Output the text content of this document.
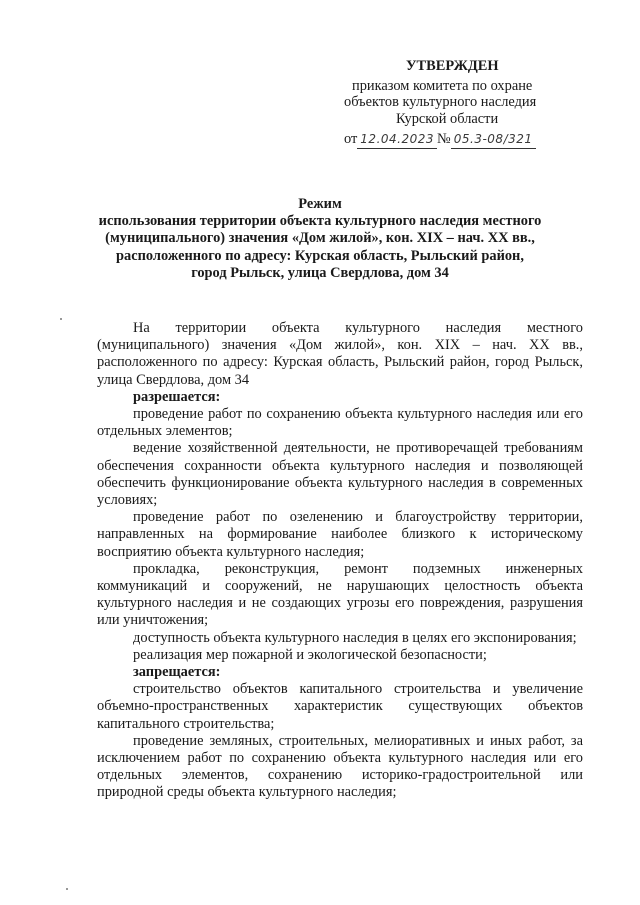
УТВЕРЖДЕН
приказом комитета по охране
объектов культурного наследия
Курской области
от 12.04.2023 № 05.3-08/321
Режим
использования территории объекта культурного наследия местного
(муниципального) значения «Дом жилой», кон. XIX – нач. XX вв.,
расположенного по адресу: Курская область, Рыльский район,
город Рыльск, улица Свердлова, дом 34

На территории объекта культурного наследия местного (муниципального) значения «Дом жилой», кон. XIX – нач. XX вв., расположенного по адресу: Курская область, Рыльский район, город Рыльск, улица Свердлова, дом 34

разрешается:

проведение работ по сохранению объекта культурного наследия или его отдельных элементов;

ведение хозяйственной деятельности, не противоречащей требованиям обеспечения сохранности объекта культурного наследия и позволяющей обеспечить функционирование объекта культурного наследия в современных условиях;

проведение работ по озеленению и благоустройству территории, направленных на формирование наиболее близкого к историческому восприятию объекта культурного наследия;

прокладка, реконструкция, ремонт подземных инженерных коммуникаций и сооружений, не нарушающих целостность объекта культурного наследия и не создающих угрозы его повреждения, разрушения или уничтожения;

доступность объекта культурного наследия в целях его экспонирования;

реализация мер пожарной и экологической безопасности;

запрещается:

строительство объектов капитального строительства и увеличение объемно-пространственных характеристик существующих объектов капитального строительства;

проведение земляных, строительных, мелиоративных и иных работ, за исключением работ по сохранению объекта культурного наследия или его отдельных элементов, сохранению историко-градостроительной или природной среды объекта культурного наследия;
